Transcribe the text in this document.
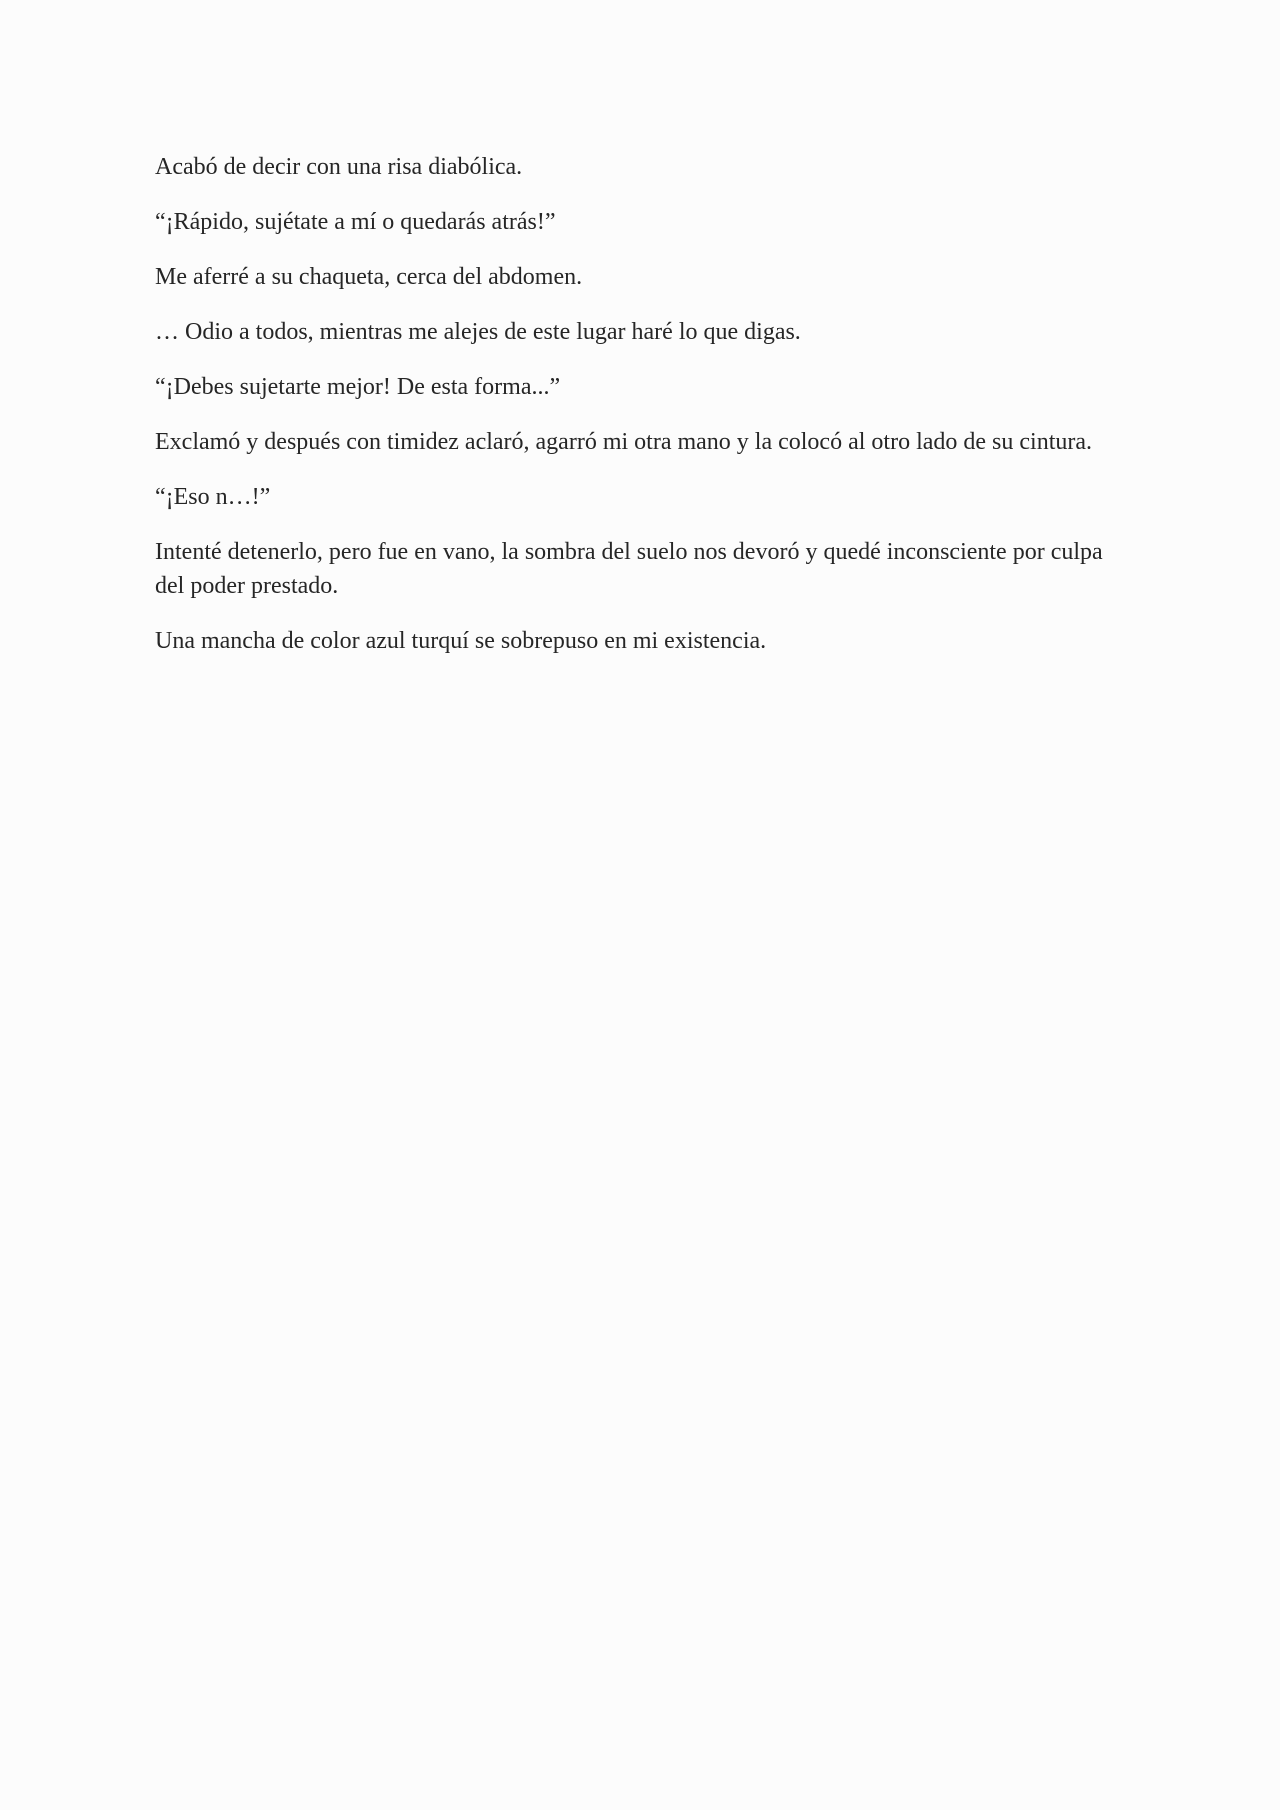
Acabó de decir con una risa diabólica.

“¡Rápido, sujétate a mí o quedarás atrás!”

Me aferré a su chaqueta, cerca del abdomen.

… Odio a todos, mientras me alejes de este lugar haré lo que digas.

“¡Debes sujetarte mejor! De esta forma...”

Exclamó y después con timidez aclaró, agarró mi otra mano y la colocó al otro lado de su cintura.

“¡Eso n…!”

Intenté detenerlo, pero fue en vano, la sombra del suelo nos devoró y quedé inconsciente por culpa del poder prestado.

Una mancha de color azul turquí se sobrepuso en mi existencia.
